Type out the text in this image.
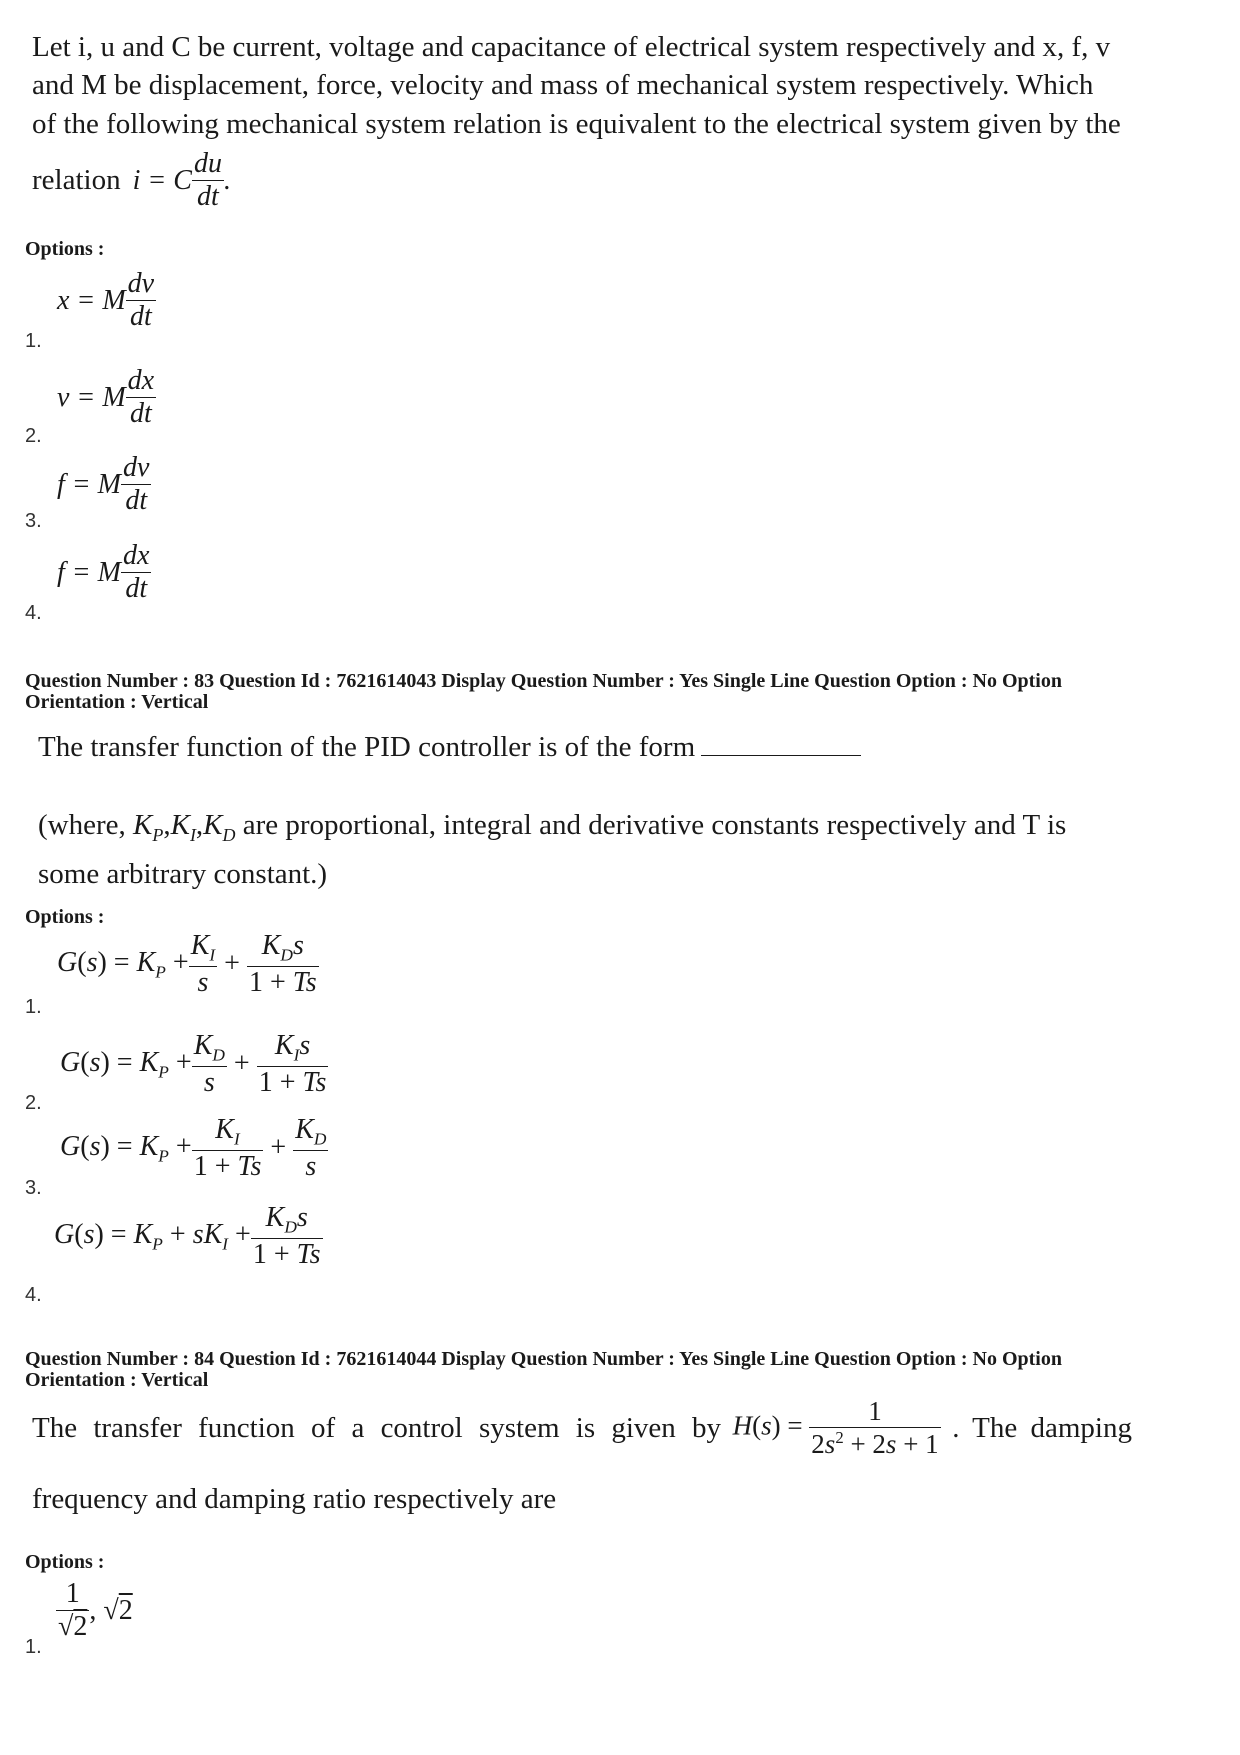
Let i, u and C be current, voltage and capacitance of electrical system respectively and x, f, v
and M be displacement, force, velocity and mass of mechanical system respectively. Which
of the following mechanical system relation is equivalent to the electrical system given by the
relation i = C $\frac{du}{dt}$ .
Options :
x = M $\frac{dv}{dt}$
1.
v = M $\frac{dx}{dt}$
2.
f = M $\frac{dv}{dt}$
3.
f = M $\frac{dx}{dt}$
4.
Question Number : 83 Question Id : 7621614043 Display Question Number : Yes Single Line Question Option : No Option
Orientation : Vertical
The transfer function of the PID controller is of the form
(where, $K_P,K_I,K_D$ are proportional, integral and derivative constants respectively and T is
some arbitrary constant.)
Options :
$G(s) = K_P + \frac{K_I}{s} + \frac{K_Ds}{1 + Ts}$
1.
$G(s) = K_P + \frac{K_D}{s} + \frac{K_Is}{1 + Ts}$
2.
$G(s) = K_P + \frac{K_I}{1 + Ts} + \frac{K_D}{s}$
3.
$G(s) = K_P + sK_I + \frac{K_Ds}{1 + Ts}$
4.
Question Number : 84 Question Id : 7621614044 Display Question Number : Yes Single Line Question Option : No Option
Orientation : Vertical
The transfer function of a control system is given by $H(s) = \frac{1}{2s^2 + 2s + 1}$ . The damping
frequency and damping ratio respectively are
Options :
$\frac{1}{√2}$ , √2
1.
